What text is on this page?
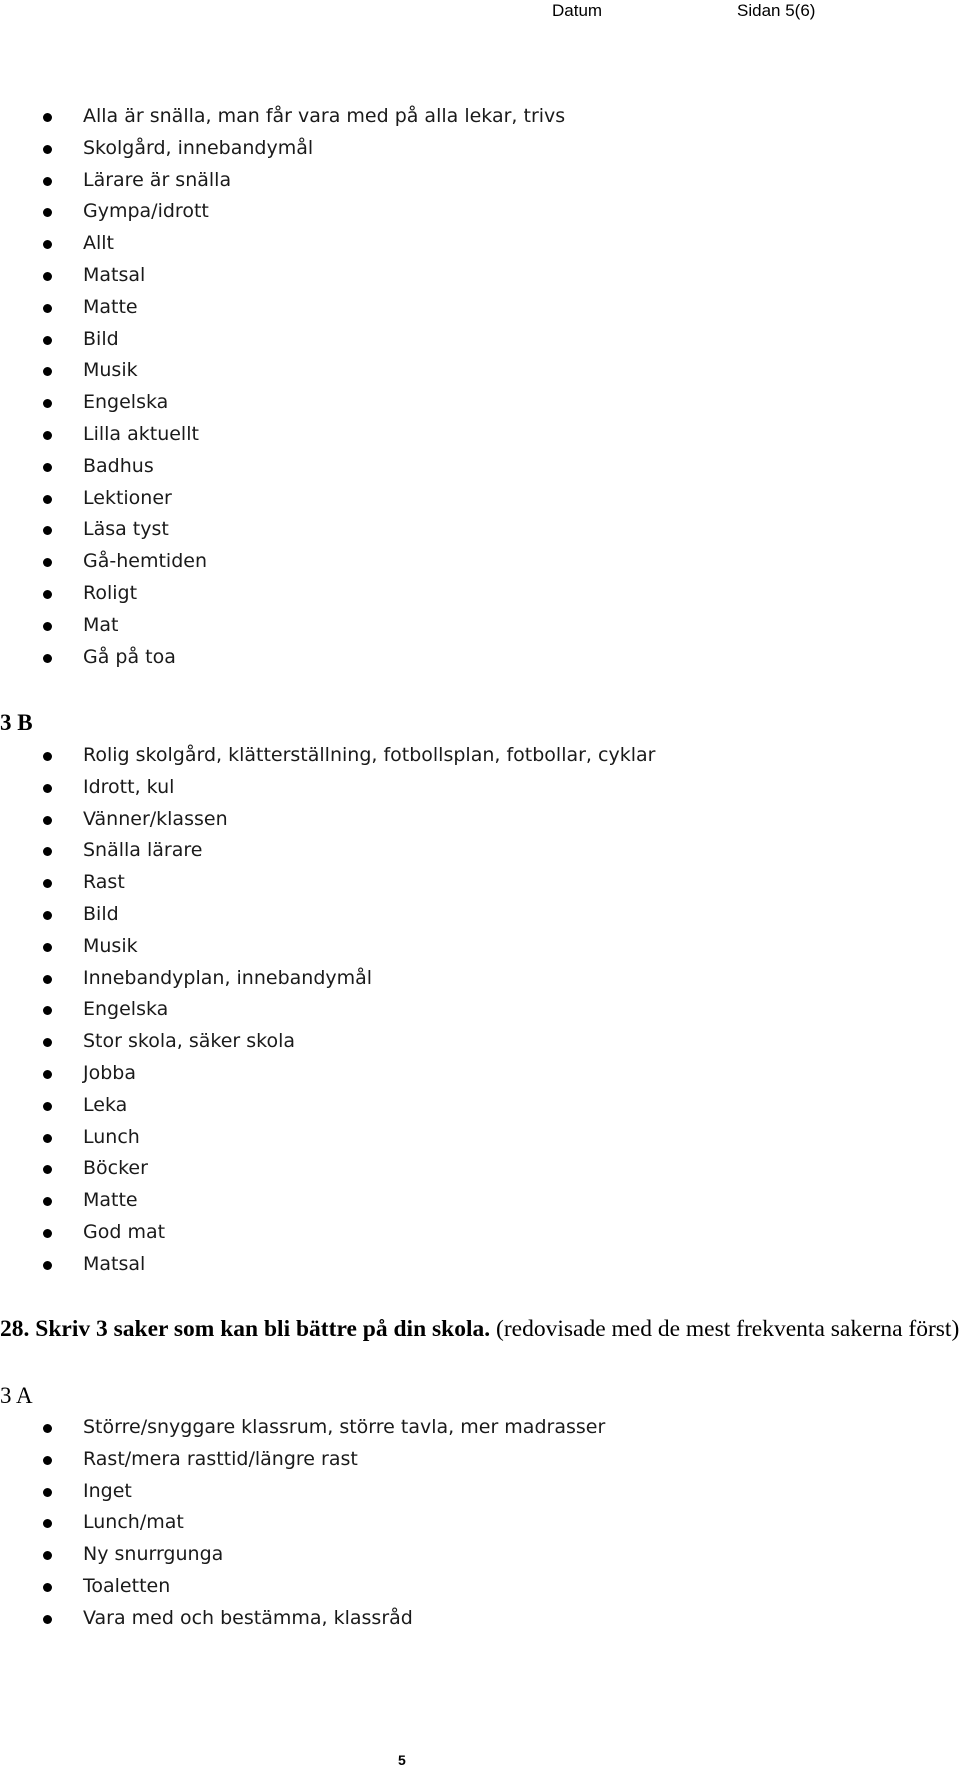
Datum	Sidan 5(6)
Alla är snälla, man får vara med på alla lekar, trivs
Skolgård, innebandymål
Lärare är snälla
Gympa/idrott
Allt
Matsal
Matte
Bild
Musik
Engelska
Lilla aktuellt
Badhus
Lektioner
Läsa tyst
Gå-hemtiden
Roligt
Mat
Gå på toa
3 B
Rolig skolgård, klätterställning, fotbollsplan, fotbollar, cyklar
Idrott, kul
Vänner/klassen
Snälla lärare
Rast
Bild
Musik
Innebandyplan, innebandymål
Engelska
Stor skola, säker skola
Jobba
Leka
Lunch
Böcker
Matte
God mat
Matsal
28. Skriv 3 saker som kan bli bättre på din skola. (redovisade med de mest frekventa sakerna först)
3 A
Större/snyggare klassrum, större tavla, mer madrasser
Rast/mera rasttid/längre rast
Inget
Lunch/mat
Ny snurrgunga
Toaletten
Vara med och bestämma, klassråd
5
